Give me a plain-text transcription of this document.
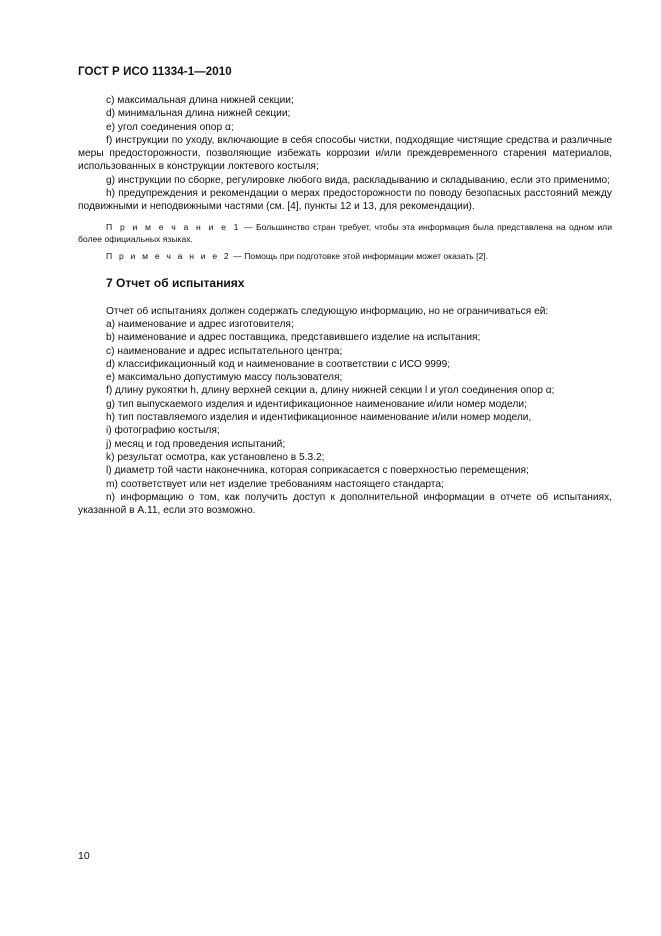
ГОСТ Р ИСО 11334-1—2010

c) максимальная длина нижней секции;

d) минимальная длина нижней секции;

e) угол соединения опор α;

f) инструкции по уходу, включающие в себя способы чистки, подходящие чистящие средства и различные меры предосторожности, позволяющие избежать коррозии и/или преждевременного старения материалов, использованных в конструкции локтевого костыля;

g) инструкции по сборке, регулировке любого вида, раскладыванию и складыванию, если это применимо;

h) предупреждения и рекомендации о мерах предосторожности по поводу безопасных расстояний между подвижными и неподвижными частями (см. [4], пункты 12 и 13, для рекомендации).

П р и м е ч а н и е 1 — Большинство стран требует, чтобы эта информация была представлена на одном или более официальных языках.

П р и м е ч а н и е 2 — Помощь при подготовке этой информации может оказать [2].

7 Отчет об испытаниях

Отчет об испытаниях должен содержать следующую информацию, но не ограничиваться ей:

a) наименование и адрес изготовителя;

b) наименование и адрес поставщика, представившего изделие на испытания;

c) наименование и адрес испытательного центра;

d) классификационный код и наименование в соответствии с ИСО 9999;

e) максимально допустимую массу пользователя;

f) длину рукоятки h, длину верхней секции a, длину нижней секции l и угол соединения опор α;

g) тип выпускаемого изделия и идентификационное наименование и/или номер модели;

h) тип поставляемого изделия и идентификационное наименование и/или номер модели,

i) фотографию костыля;

j) месяц и год проведения испытаний;

k) результат осмотра, как установлено в 5.3.2;

l) диаметр той части наконечника, которая соприкасается с поверхностью перемещения;

m) соответствует или нет изделие требованиям настоящего стандарта;

n) информацию о том, как получить доступ к дополнительной информации в отчете об испытаниях, указанной в А.11, если это возможно.

10
